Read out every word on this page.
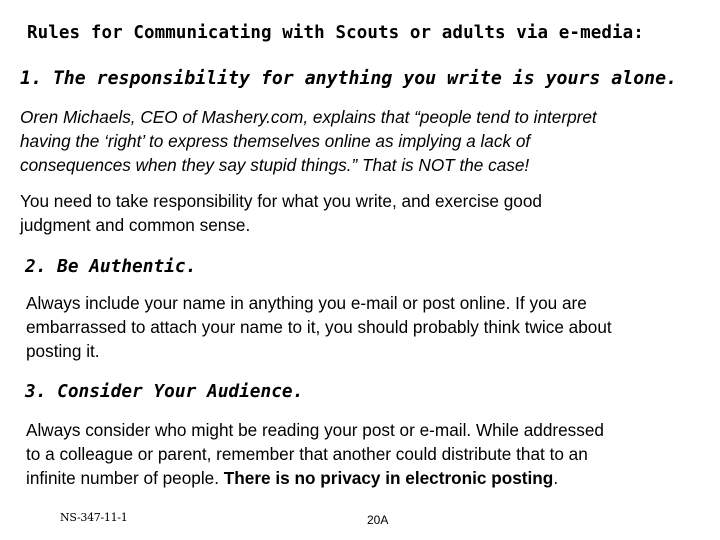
Rules for Communicating with Scouts or adults via e-media:
1. The responsibility for anything you write is yours alone.
Oren Michaels, CEO of Mashery.com, explains that “people tend to interpret
having the ‘right’ to express themselves online as implying a lack of
consequences when they say stupid things.” That is NOT the case!
You need to take responsibility for what you write, and exercise good
judgment and common sense.
2. Be Authentic.
Always include your name in anything you e-mail or post online. If you are
embarrassed to attach your name to it, you should probably think twice about
posting it.
3. Consider Your Audience.
Always consider who might be reading your post or e-mail. While addressed
to a colleague or parent, remember that another could distribute that to an
infinite number of people. There is no privacy in electronic posting.
NS-347-11-1	20A
